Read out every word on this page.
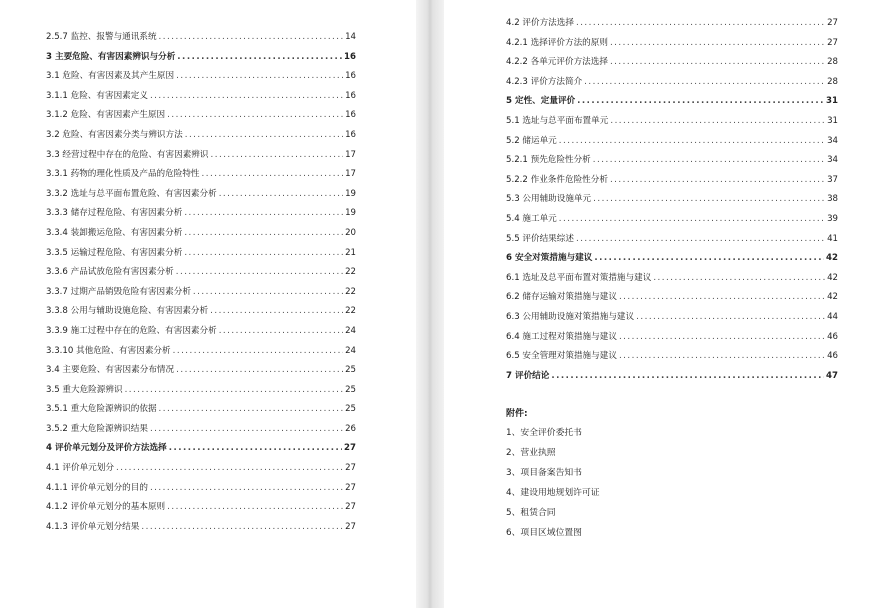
2.5.7 监控、报警与通讯系统 .....	14
3 主要危险、有害因素辨识与分析 .....	16
3.1 危险、有害因素及其产生原因 .....	16
3.1.1 危险、有害因素定义 .....	16
3.1.2 危险、有害因素产生原因 .....	16
3.2 危险、有害因素分类与辨识方法 .....	16
3.3 经营过程中存在的危险、有害因素辨识 .....	17
3.3.1 药物的理化性质及产品的危险特性 .....	17
3.3.2 选址与总平面布置危险、有害因素分析 .....	19
3.3.3 储存过程危险、有害因素分析 .....	19
3.3.4 装卸搬运危险、有害因素分析 .....	20
3.3.5 运输过程危险、有害因素分析 .....	21
3.3.6 产品试放危险有害因素分析 .....	22
3.3.7 过期产品销毁危险有害因素分析 .....	22
3.3.8 公用与辅助设施危险、有害因素分析 .....	22
3.3.9 施工过程中存在的危险、有害因素分析 .....	24
3.3.10 其他危险、有害因素分析 .....	24
3.4 主要危险、有害因素分布情况 .....	25
3.5 重大危险源辨识 .....	25
3.5.1 重大危险源辨识的依据 .....	25
3.5.2 重大危险源辨识结果 .....	26
4 评价单元划分及评价方法选择 .....	27
4.1 评价单元划分 .....	27
4.1.1 评价单元划分的目的 .....	27
4.1.2 评价单元划分的基本原则 .....	27
4.1.3 评价单元划分结果 .....	27
4.2 评价方法选择 .....	27
4.2.1 选择评价方法的原则 .....	27
4.2.2 各单元评价方法选择 .....	28
4.2.3 评价方法简介 .....	28
5 定性、定量评价 .....	31
5.1 选址与总平面布置单元 .....	31
5.2 储运单元 .....	34
5.2.1 预先危险性分析 .....	34
5.2.2 作业条件危险性分析 .....	37
5.3 公用辅助设施单元 .....	38
5.4 施工单元 .....	39
5.5 评价结果综述 .....	41
6 安全对策措施与建议 .....	42
6.1 选址及总平面布置对策措施与建议 .....	42
6.2 储存运输对策措施与建议 .....	42
6.3 公用辅助设施对策措施与建议 .....	44
6.4 施工过程对策措施与建议 .....	46
6.5 安全管理对策措施与建议 .....	46
7 评价结论 .....	47
附件:
1、安全评价委托书
2、营业执照
3、项目备案告知书
4、建设用地规划许可证
5、租赁合同
6、项目区域位置图
